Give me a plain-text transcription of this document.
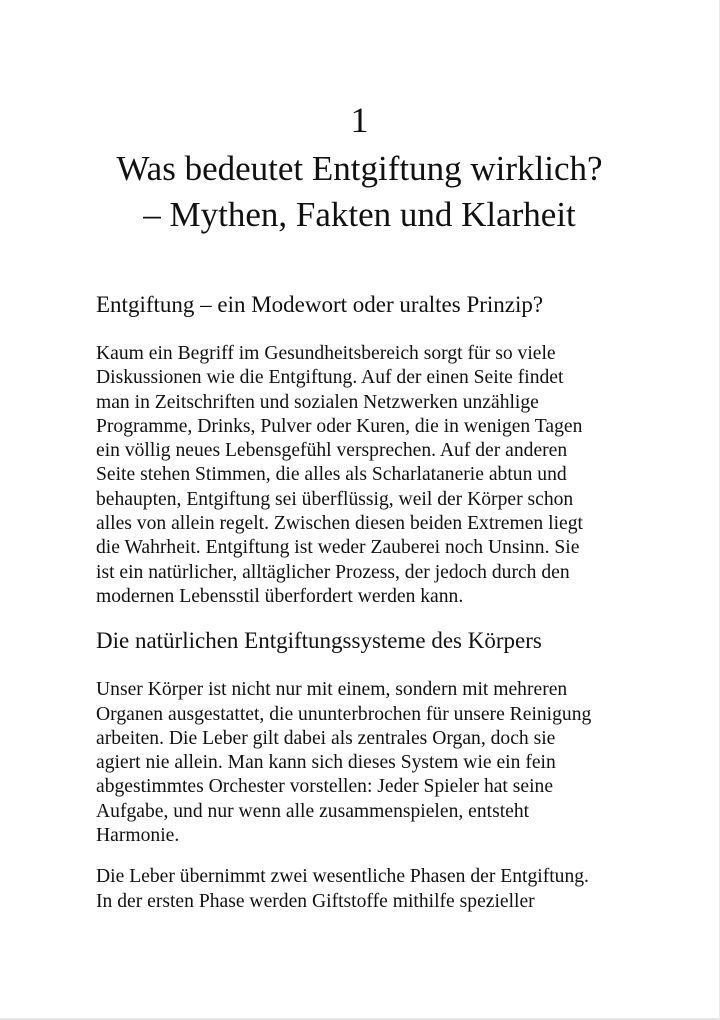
1
Was bedeutet Entgiftung wirklich?
– Mythen, Fakten und Klarheit
Entgiftung – ein Modewort oder uraltes Prinzip?

Kaum ein Begriff im Gesundheitsbereich sorgt für so viele
Diskussionen wie die Entgiftung. Auf der einen Seite findet
man in Zeitschriften und sozialen Netzwerken unzählige
Programme, Drinks, Pulver oder Kuren, die in wenigen Tagen
ein völlig neues Lebensgefühl versprechen. Auf der anderen
Seite stehen Stimmen, die alles als Scharlatanerie abtun und
behaupten, Entgiftung sei überflüssig, weil der Körper schon
alles von allein regelt. Zwischen diesen beiden Extremen liegt
die Wahrheit. Entgiftung ist weder Zauberei noch Unsinn. Sie
ist ein natürlicher, alltäglicher Prozess, der jedoch durch den
modernen Lebensstil überfordert werden kann.

Die natürlichen Entgiftungssysteme des Körpers

Unser Körper ist nicht nur mit einem, sondern mit mehreren
Organen ausgestattet, die ununterbrochen für unsere Reinigung
arbeiten. Die Leber gilt dabei als zentrales Organ, doch sie
agiert nie allein. Man kann sich dieses System wie ein fein
abgestimmtes Orchester vorstellen: Jeder Spieler hat seine
Aufgabe, und nur wenn alle zusammenspielen, entsteht
Harmonie.

Die Leber übernimmt zwei wesentliche Phasen der Entgiftung.
In der ersten Phase werden Giftstoffe mithilfe spezieller
